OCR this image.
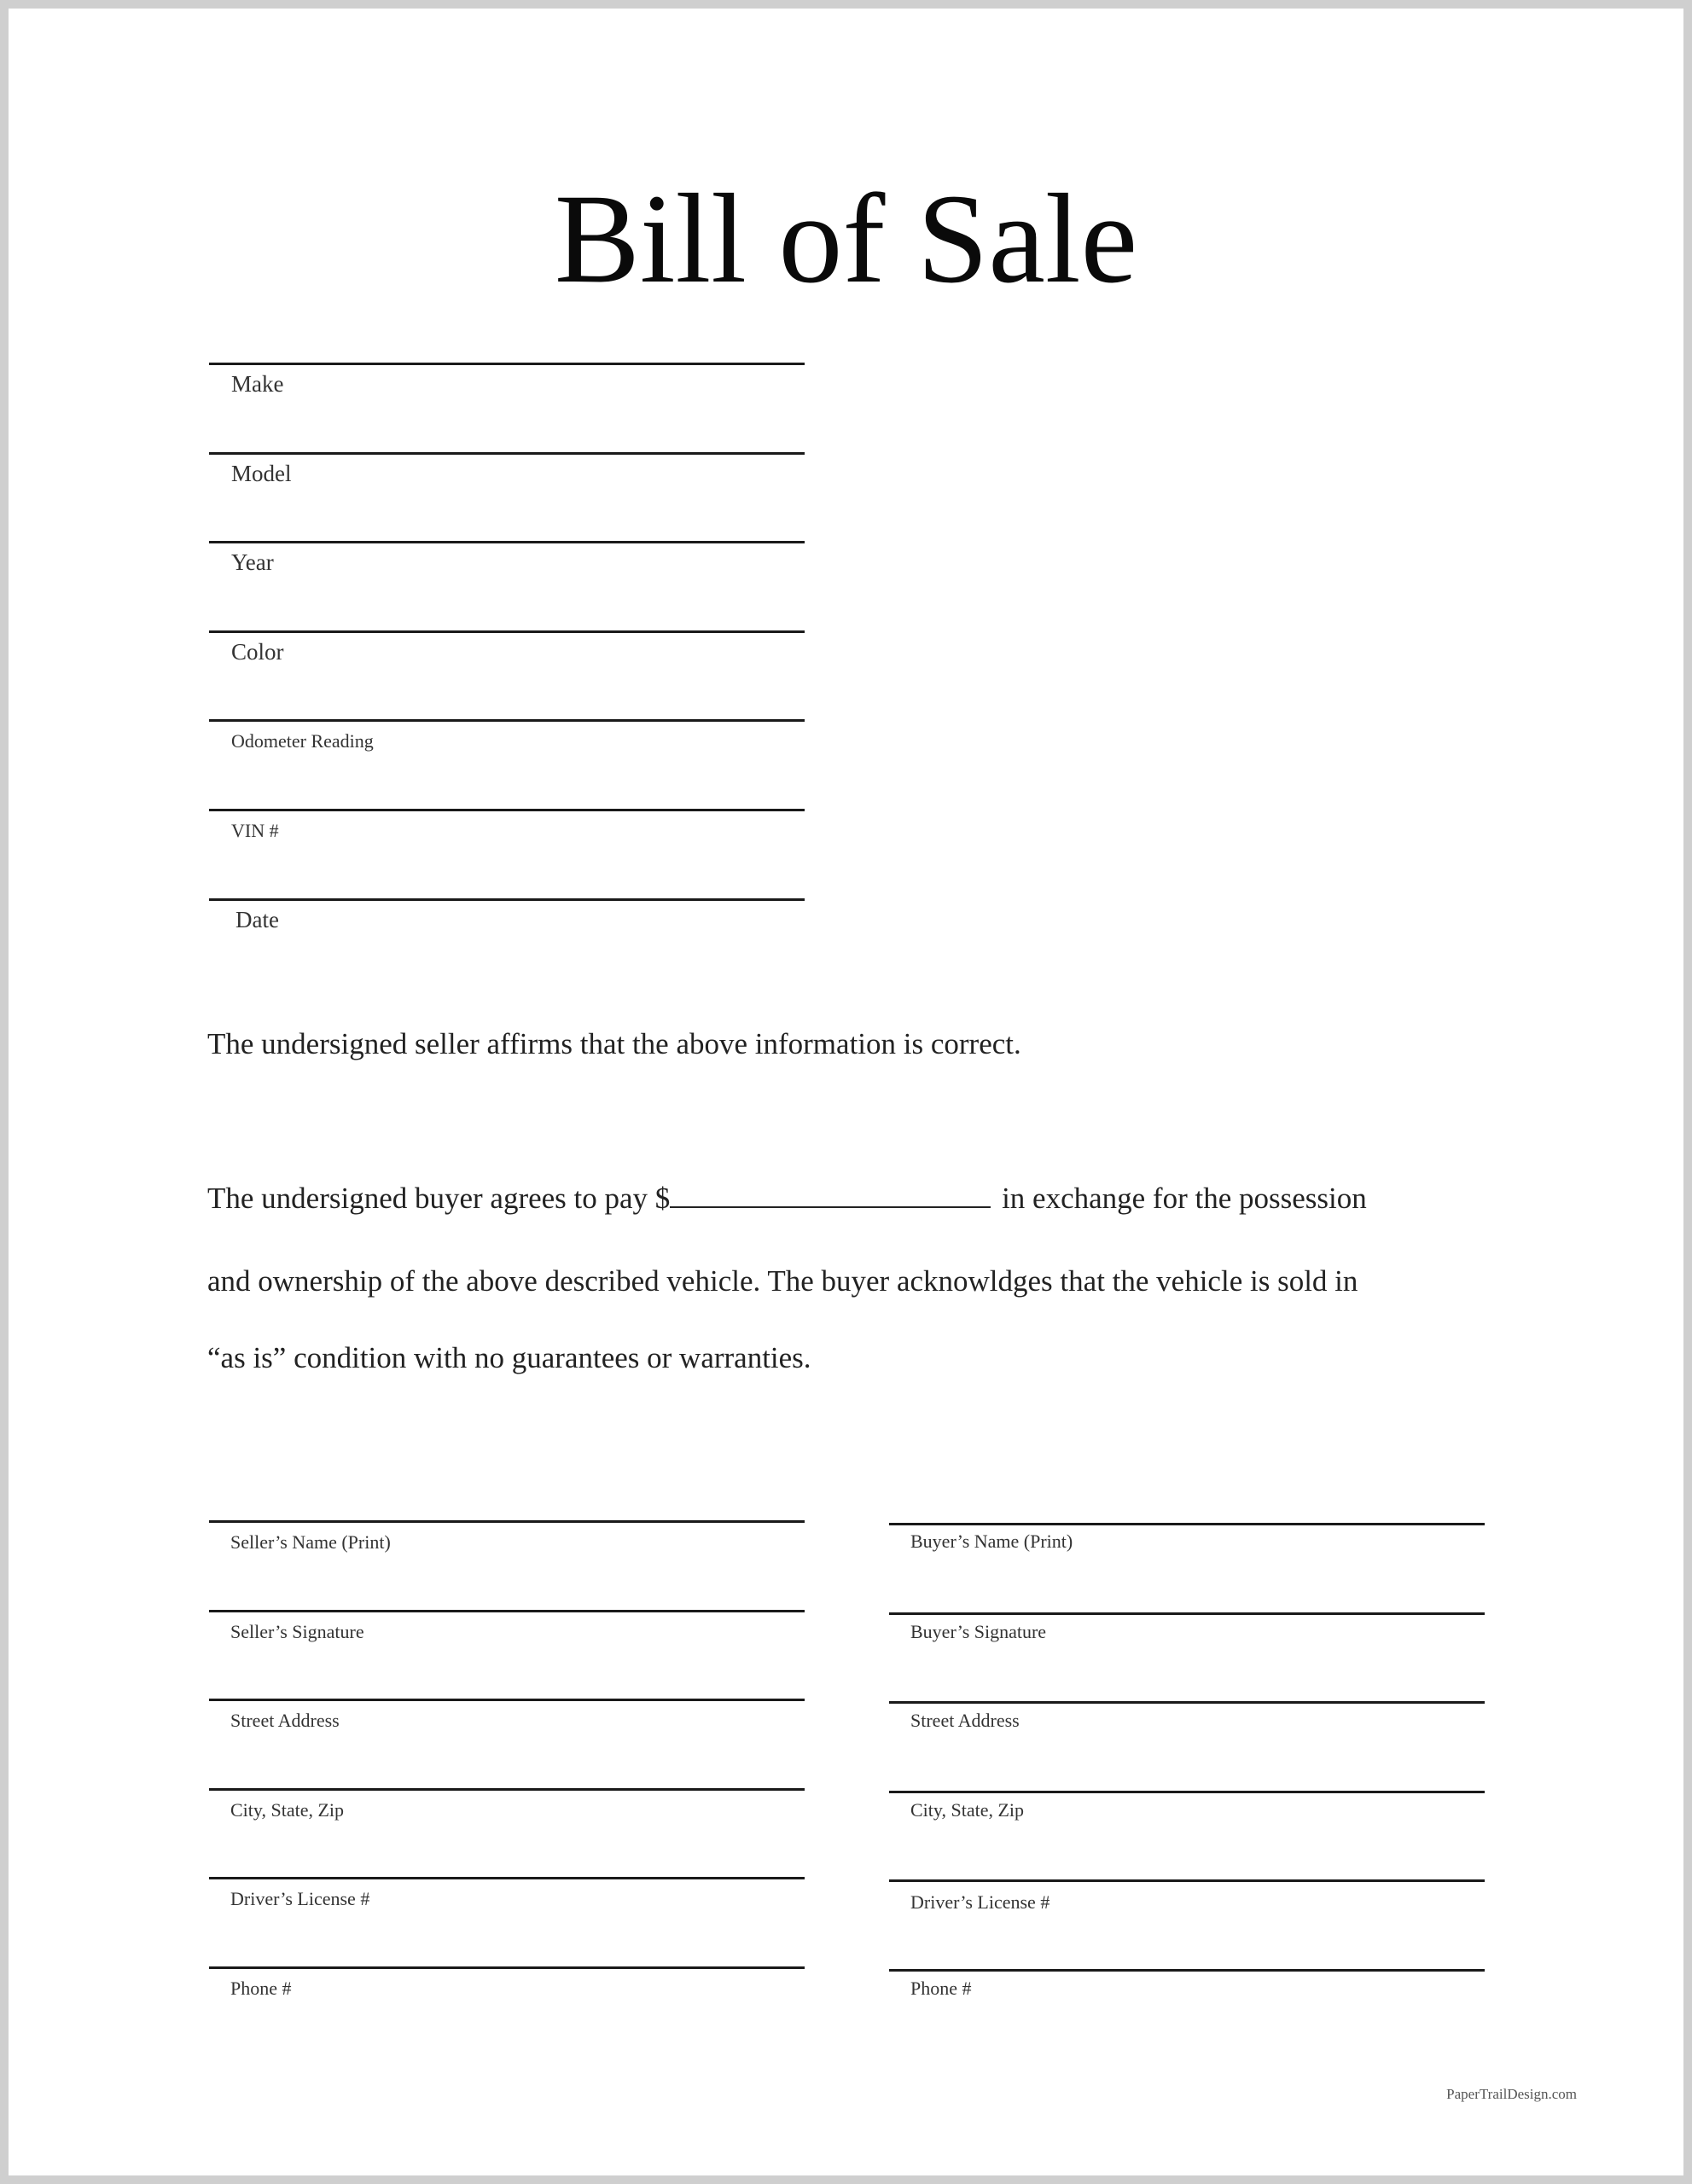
Bill of Sale
Make
Model
Year
Color
Odometer Reading
VIN #
Date

The undersigned seller affirms that the above information is correct.

The undersigned buyer agrees to pay $	in exchange for the possession

and ownership of the above described vehicle. The buyer acknowldges that the vehicle is sold in

“as is” condition with no guarantees or warranties.

Seller’s Name (Print)
Seller’s Signature
Street Address
City, State, Zip
Driver’s License #
Phone #
Buyer’s Name (Print)
Buyer’s Signature
Street Address
City, State, Zip
Driver’s License #
Phone #
PaperTrailDesign.com
